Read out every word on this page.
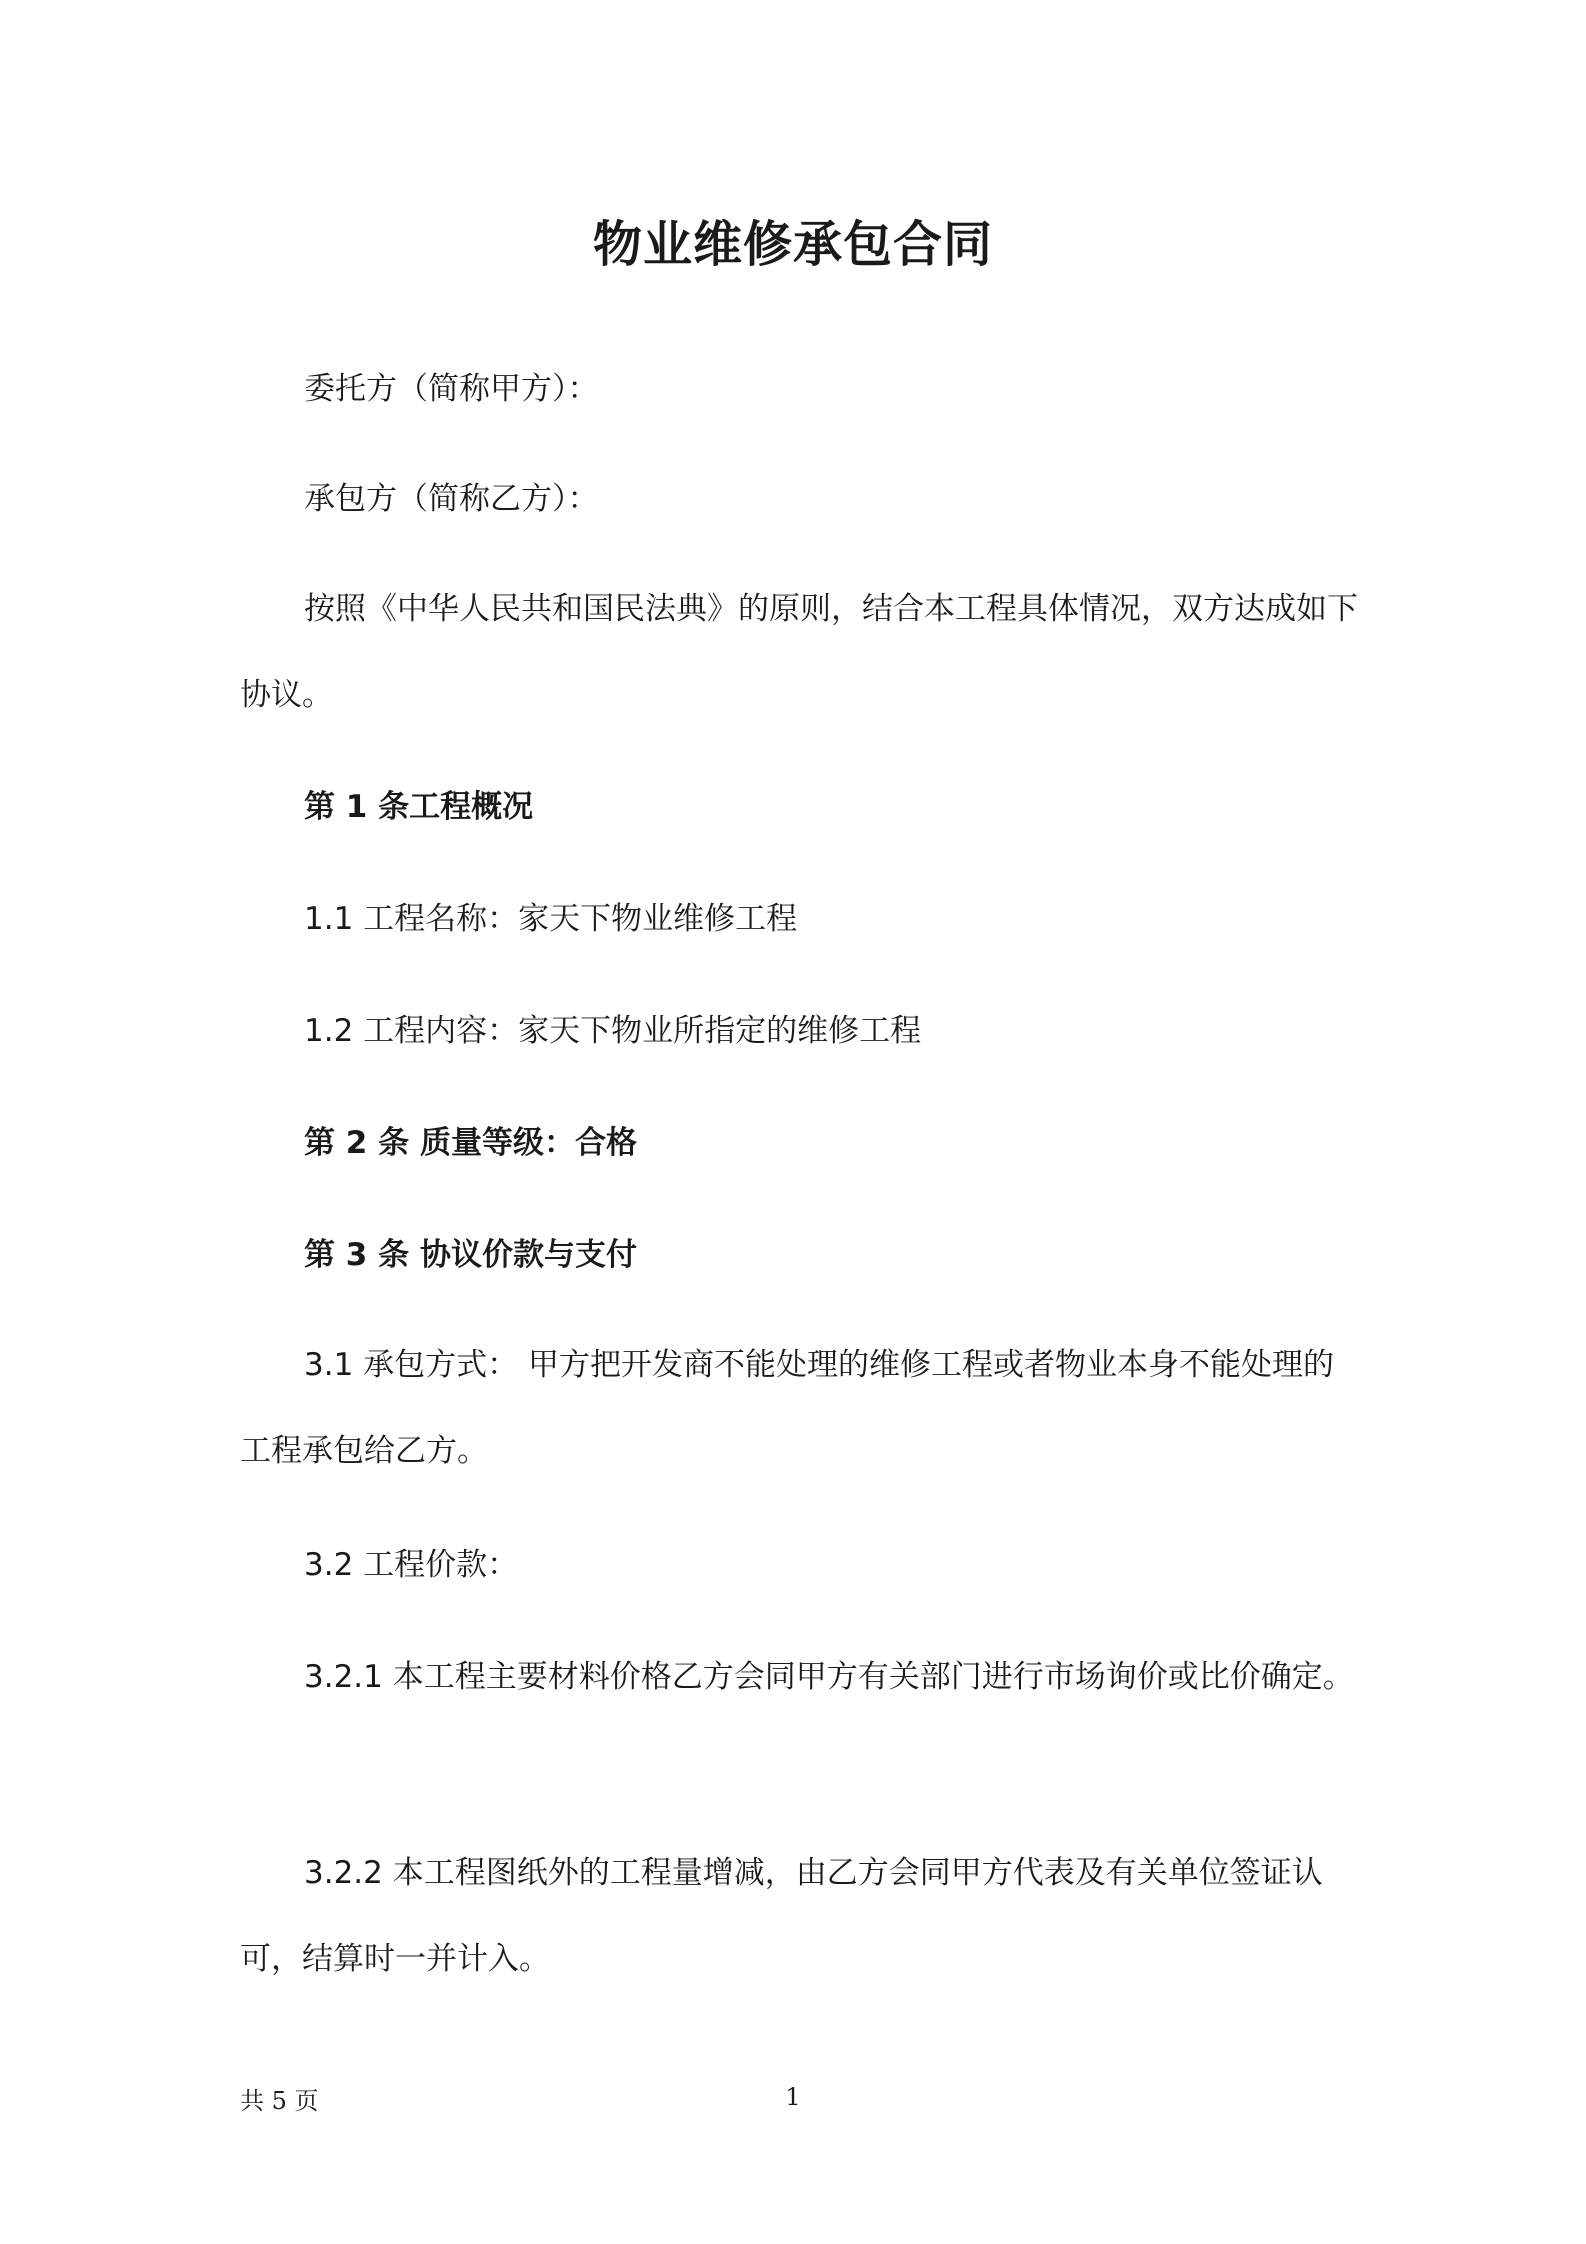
物业维修承包合同

委托方（简称甲方）：

承包方（简称乙方）：

按照《中华人民共和国民法典》的原则，结合本工程具体情况，双方达成如下协议。

第 1 条工程概况

1.1 工程名称：家天下物业维修工程

1.2 工程内容：家天下物业所指定的维修工程

第 2 条 质量等级：合格

第 3 条 协议价款与支付

3.1 承包方式： 甲方把开发商不能处理的维修工程或者物业本身不能处理的工程承包给乙方。

3.2 工程价款：

3.2.1 本工程主要材料价格乙方会同甲方有关部门进行市场询价或比价确定。

3.2.2 本工程图纸外的工程量增减，由乙方会同甲方代表及有关单位签证认可，结算时一并计入。

共 5 页	1
